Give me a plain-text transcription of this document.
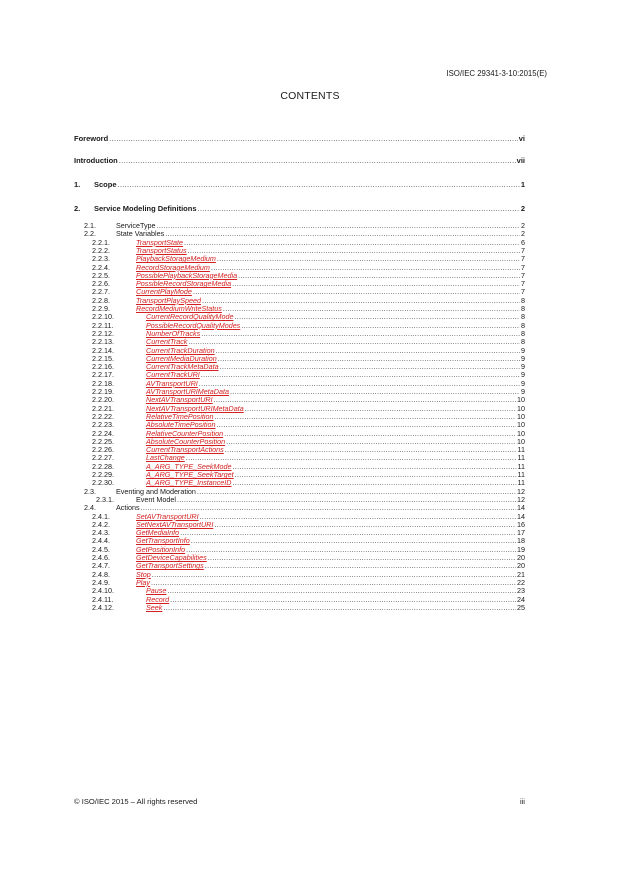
ISO/IEC 29341-3-10:2015(E)
CONTENTS
Foreword .....	vi
Introduction .....	vii
1. Scope .....	1
2. Service Modeling Definitions .....	2
2.1.	ServiceType .....	2
2.2.	State Variables .....	2
2.2.1.	TransportState .....	6
2.2.2.	TransportStatus .....	7
2.2.3.	PlaybackStorageMedium .....	7
2.2.4.	RecordStorageMedium .....	7
2.2.5.	PossiblePlaybackStorageMedia .....	7
2.2.6.	PossibleRecordStorageMedia .....	7
2.2.7.	CurrentPlayMode .....	7
2.2.8.	TransportPlaySpeed .....	8
2.2.9.	RecordMediumWriteStatus .....	8
2.2.10.	CurrentRecordQualityMode .....	8
2.2.11.	PossibleRecordQualityModes .....	8
2.2.12.	NumberOfTracks .....	8
2.2.13.	CurrentTrack .....	8
2.2.14.	CurrentTrackDuration .....	9
2.2.15.	CurrentMediaDuration .....	9
2.2.16.	CurrentTrackMetaData .....	9
2.2.17.	CurrentTrackURI .....	9
2.2.18.	AVTransportURI .....	9
2.2.19.	AVTransportURIMetaData .....	9
2.2.20.	NextAVTransportURI .....	10
2.2.21.	NextAVTransportURIMetaData .....	10
2.2.22.	RelativeTimePosition .....	10
2.2.23.	AbsoluteTimePosition .....	10
2.2.24.	RelativeCounterPosition .....	10
2.2.25.	AbsoluteCounterPosition .....	10
2.2.26.	CurrentTransportActions .....	11
2.2.27.	LastChange .....	11
2.2.28.	A_ARG_TYPE_SeekMode .....	11
2.2.29.	A_ARG_TYPE_SeekTarget .....	11
2.2.30.	A_ARG_TYPE_InstanceID .....	11
2.3.	Eventing and Moderation .....	12
2.3.1.	Event Model .....	12
2.4.	Actions .....	14
2.4.1.	SetAVTransportURI .....	14
2.4.2.	SetNextAVTransportURI .....	16
2.4.3.	GetMediaInfo .....	17
2.4.4.	GetTransportInfo .....	18
2.4.5.	GetPositionInfo .....	19
2.4.6.	GetDeviceCapabilities .....	20
2.4.7.	GetTransportSettings .....	20
2.4.8.	Stop .....	21
2.4.9.	Play .....	22
2.4.10.	Pause .....	23
2.4.11.	Record .....	24
2.4.12.	Seek .....	25
© ISO/IEC 2015 – All rights reserved	iii
